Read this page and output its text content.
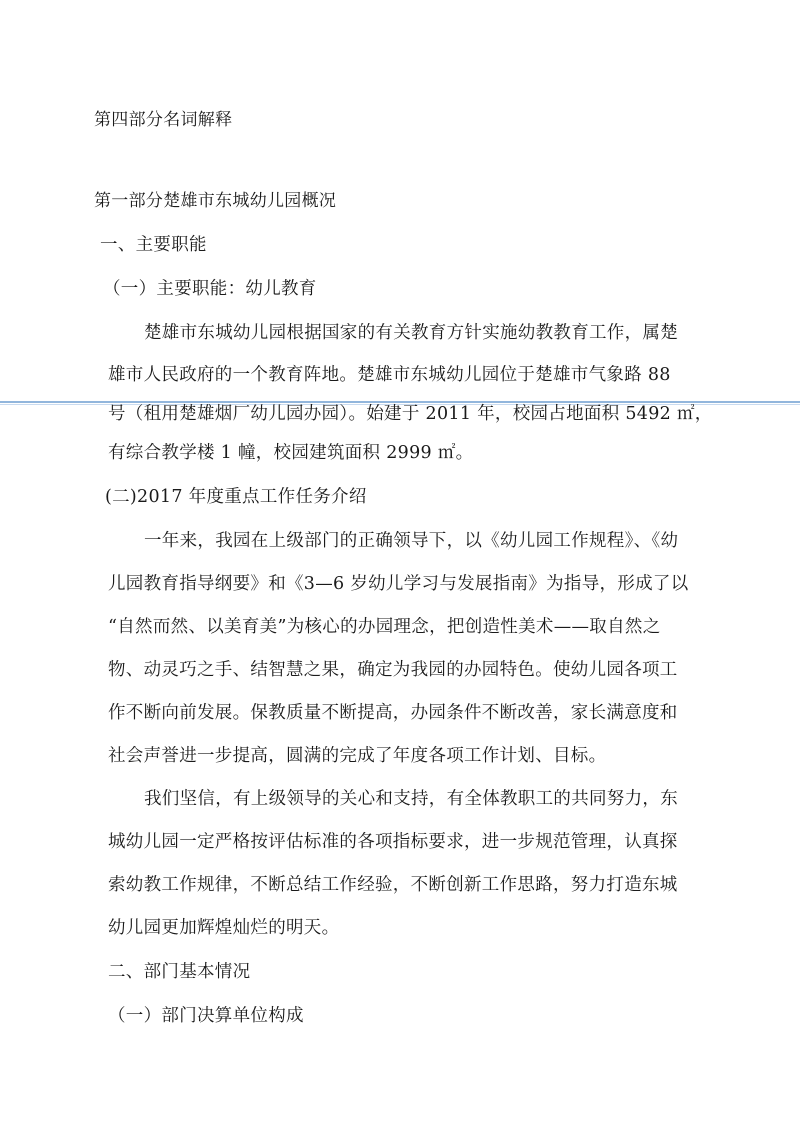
第四部分名词解释
第一部分楚雄市东城幼儿园概况
一、主要职能
（一）主要职能：幼儿教育
楚雄市东城幼儿园根据国家的有关教育方针实施幼教教育工作，属楚
雄市人民政府的一个教育阵地。楚雄市东城幼儿园位于楚雄市气象路 88
号（租用楚雄烟厂幼儿园办园）。始建于 2011 年，校园占地面积 5492 ㎡，
有综合教学楼 1 幢，校园建筑面积 2999 ㎡。
(二)2017 年度重点工作任务介绍
一年来，我园在上级部门的正确领导下，以《幼儿园工作规程》、《幼
儿园教育指导纲要》和《3—6 岁幼儿学习与发展指南》为指导，形成了以
“自然而然、以美育美”为核心的办园理念，把创造性美术——取自然之
物、动灵巧之手、结智慧之果，确定为我园的办园特色。使幼儿园各项工
作不断向前发展。保教质量不断提高，办园条件不断改善，家长满意度和
社会声誉进一步提高，圆满的完成了年度各项工作计划、目标。
我们坚信，有上级领导的关心和支持，有全体教职工的共同努力，东
城幼儿园一定严格按评估标准的各项指标要求，进一步规范管理，认真探
索幼教工作规律，不断总结工作经验，不断创新工作思路，努力打造东城
幼儿园更加辉煌灿烂的明天。
二、部门基本情况
（一）部门决算单位构成
